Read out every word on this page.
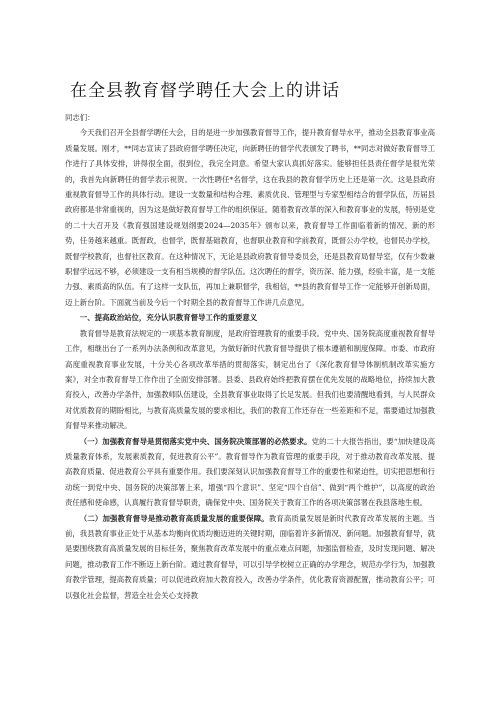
在全县教育督学聘任大会上的讲话

同志们：

今天我们召开全县督学聘任大会，目的是进一步加强教育督导工作，提升教育督导水平，推动全县教育事业高质量发展。刚才，**同志宣读了县政府督学聘任决定，向新聘任的督学代表颁发了聘书，**同志对做好教育督导工作进行了具体安排，讲得很全面，很到位，我完全同意。希望大家认真抓好落实。能够担任县责任督学是很光荣的，我首先向新聘任的督学表示祝贺。一次性聘任*名督学，这在我县的教育督学历史上还是第一次。这是县政府重视教育督导工作的具体行动。建设一支数量和结构合理、素质优良、管理型与专家型相结合的督学队伍，历届县政府都是非常重视的，因为这是做好教育督导工作的组织保证。随着教育改革的深入和教育事业的发展，特别是党的二十大召开及《教育强国建设规划纲要2024—2035年》颁布以来，教育督导工作面临着新的情况、新的形势，任务越来越重。既督政，也督学，既督基础教育，也督职业教育和学前教育，既督公办学校，也督民办学校，既督学校教育，也督社区教育。在这种情况下，无论是县政府教育督导委员会，还是县教育局督导室，仅有少数兼职督学远远不够，必须建设一支有相当规模的督学队伍。这次聘任的督学，资历深、能力强，经验丰富，是一支能力强、素质高的队伍。有了这样一支队伍，再加上兼职督学，我相信，**县的教育督导工作一定能够开创新局面，迈上新台阶。下面就当前及今后一个时期全县的教育督导工作讲几点意见。

一、提高政治站位，充分认识教育督导工作的重要意义

教育督导是教育法规定的一项基本教育制度，是政府管理教育的重要手段。党中央、国务院高度重视教育督导工作，相继出台了一系列办法条例和改革意见，为做好新时代教育督导提供了根本遵循和制度保障。市委、市政府高度重视教育事业发展，十分关心各项改革举措的贯彻落实，制定出台了《深化教育督导体制机制改革实施方案》，对全市教育督导工作作出了全面安排部署。县委、县政府始终把教育摆在优先发展的战略地位，持续加大教育投入，改善办学条件，加强教师队伍建设，全县教育事业取得了长足发展。但我们也要清醒地看到，与人民群众对优质教育的期盼相比，与教育高质量发展的要求相比，我们的教育工作还存在一些差距和不足，需要通过加强教育督导来推动解决。

（一）加强教育督导是贯彻落实党中央、国务院决策部署的必然要求。党的二十大报告指出，要“加快建设高质量教育体系，发展素质教育，促进教育公平”。教育督导作为教育管理的重要手段，对于推动教育改革发展、提高教育质量、促进教育公平具有重要作用。我们要深刻认识加强教育督导工作的重要性和紧迫性，切实把思想和行动统一到党中央、国务院的决策部署上来，增强“四个意识”、坚定“四个自信”、做到“两个维护”，以高度的政治责任感和使命感，认真履行教育督导职责，确保党中央、国务院关于教育工作的各项决策部署在我县落地生根。

（二）加强教育督导是推动教育高质量发展的重要保障。教育高质量发展是新时代教育改革发展的主题。当前，我县教育事业正处于从基本均衡向优质均衡迈进的关键时期，面临着许多新情况、新问题。加强教育督导，就是要围绕教育高质量发展的目标任务，聚焦教育改革发展中的重点难点问题，加强监督检查，及时发现问题、解决问题，推动教育工作不断迈上新台阶。通过教育督导，可以引导学校树立正确的办学理念，规范办学行为，加强教育教学管理，提高教育质量；可以促进政府加大教育投入，改善办学条件，优化教育资源配置，推动教育公平；可以强化社会监督，营造全社会关心支持教
